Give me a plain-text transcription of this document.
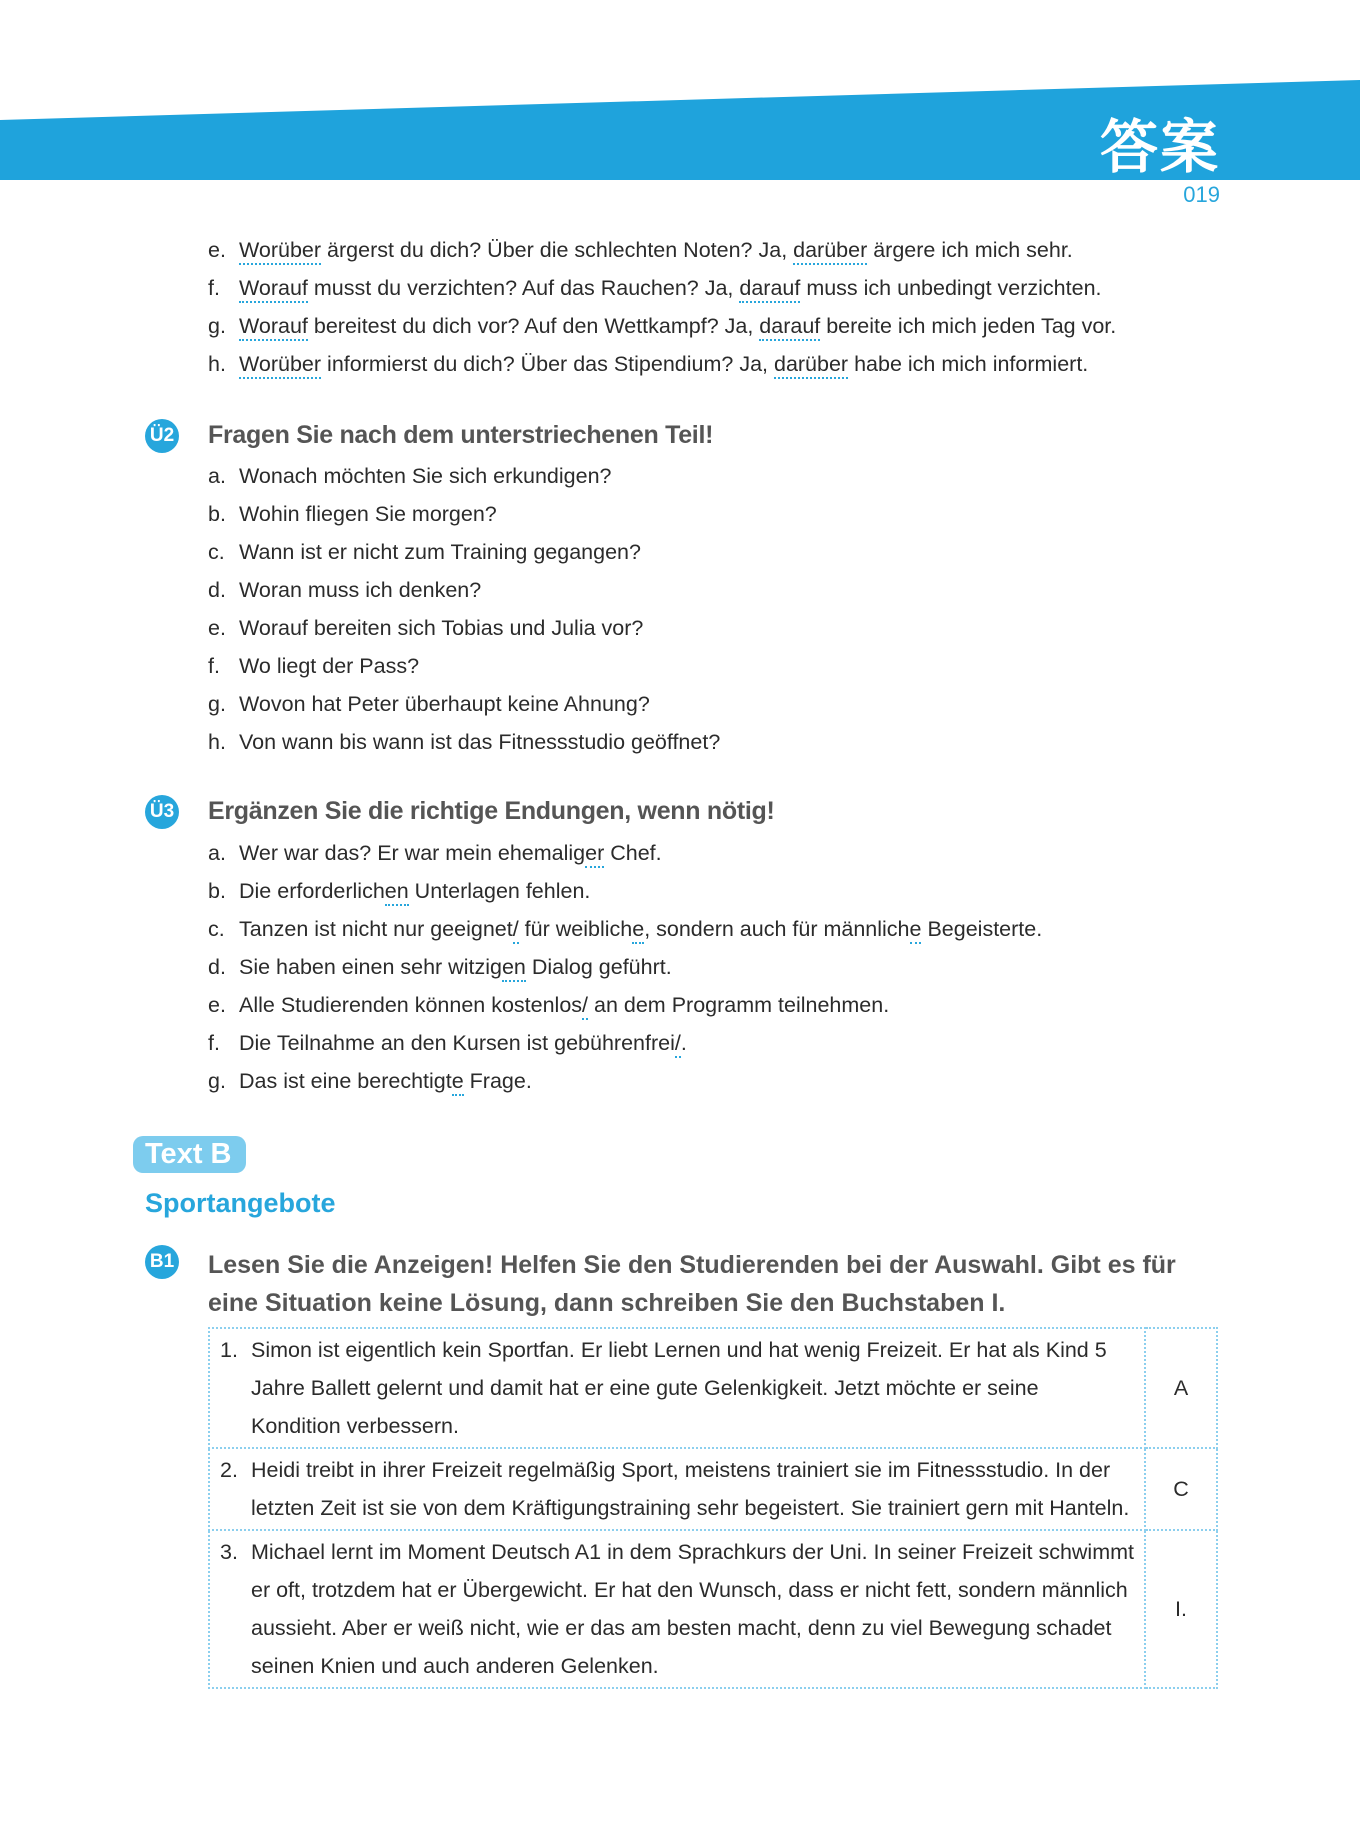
答案
019
e. Worüber ärgerst du dich? Über die schlechten Noten? Ja, darüber ärgere ich mich sehr.
f. Worauf musst du verzichten? Auf das Rauchen? Ja, darauf muss ich unbedingt verzichten.
g. Worauf bereitest du dich vor? Auf den Wettkampf? Ja, darauf bereite ich mich jeden Tag vor.
h. Worüber informierst du dich? Über das Stipendium? Ja, darüber habe ich mich informiert.
Ü2 Fragen Sie nach dem unterstriechenen Teil!
a. Wonach möchten Sie sich erkundigen?
b. Wohin fliegen Sie morgen?
c. Wann ist er nicht zum Training gegangen?
d. Woran muss ich denken?
e. Worauf bereiten sich Tobias und Julia vor?
f. Wo liegt der Pass?
g. Wovon hat Peter überhaupt keine Ahnung?
h. Von wann bis wann ist das Fitnessstudio geöffnet?
Ü3 Ergänzen Sie die richtige Endungen, wenn nötig!
a. Wer war das? Er war mein ehemaliger Chef.
b. Die erforderlichen Unterlagen fehlen.
c. Tanzen ist nicht nur geeignet/ für weibliche, sondern auch für männliche Begeisterte.
d. Sie haben einen sehr witzigen Dialog geführt.
e. Alle Studierenden können kostenlos/ an dem Programm teilnehmen.
f. Die Teilnahme an den Kursen ist gebührenfrei/.
g. Das ist eine berechtigte Frage.
Text B
Sportangebote
B1 Lesen Sie die Anzeigen! Helfen Sie den Studierenden bei der Auswahl. Gibt es für eine Situation keine Lösung, dann schreiben Sie den Buchstaben I.
1. Simon ist eigentlich kein Sportfan. Er liebt Lernen und hat wenig Freizeit. Er hat als Kind 5 Jahre Ballett gelernt und damit hat er eine gute Gelenkigkeit. Jetzt möchte er seine Kondition verbessern.	A

2. Heidi treibt in ihrer Freizeit regelmäßig Sport, meistens trainiert sie im Fitnessstudio. In der letzten Zeit ist sie von dem Kräftigungstraining sehr begeistert. Sie trainiert gern mit Hanteln.	C

3. Michael lernt im Moment Deutsch A1 in dem Sprachkurs der Uni. In seiner Freizeit schwimmt er oft, trotzdem hat er Übergewicht. Er hat den Wunsch, dass er nicht fett, sondern männlich aussieht. Aber er weiß nicht, wie er das am besten macht, denn zu viel Bewegung schadet seinen Knien und auch anderen Gelenken.	I.
